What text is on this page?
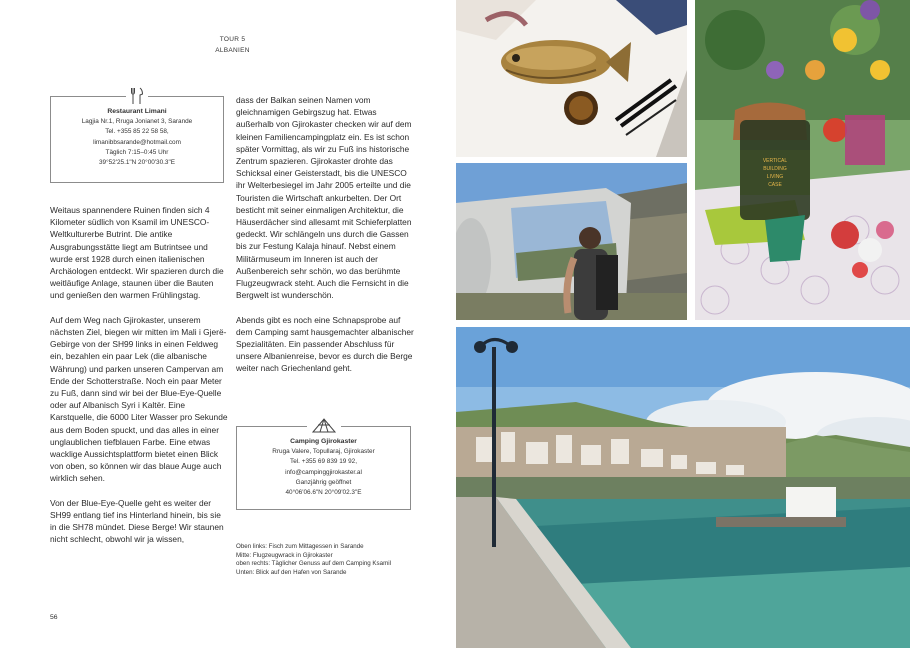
TOUR 5
ALBANIEN
Restaurant Limani
Lagjia Nr.1, Rruga Jonianet 3, Sarande
Tel. +355 85 22 58 58,
limanibbsarande@hotmail.com
Täglich 7:15–0:45 Uhr
39°52'25.1"N 20°00'30.3"E

Weitaus spannendere Ruinen finden sich 4 Kilometer südlich von Ksamil im UNESCO-Weltkulturerbe Butrint. Die antike Ausgrabungsstätte liegt am Butrintsee und wurde erst 1928 durch einen italienischen Archäologen entdeckt. Wir spazieren durch die weitläufige Anlage, staunen über die Bauten und genießen den warmen Frühlingstag.

Auf dem Weg nach Gjirokaster, unserem nächsten Ziel, biegen wir mitten im Mali i Gjerë-Gebirge von der SH99 links in einen Feldweg ein, bezahlen ein paar Lek (die albanische Währung) und parken unseren Campervan am Ende der Schotterstraße. Noch ein paar Meter zu Fuß, dann sind wir bei der Blue-Eye-Quelle oder auf Albanisch Syri i Kaltër. Eine Karstquelle, die 6000 Liter Wasser pro Sekunde aus dem Boden spuckt, und das alles in einer unglaublichen tiefblauen Farbe. Eine etwas wacklige Aussichtsplattform bietet einen Blick von oben, so können wir das blaue Auge auch wirklich sehen.

Von der Blue-Eye-Quelle geht es weiter der SH99 entlang tief ins Hinterland hinein, bis sie in die SH78 mündet. Diese Berge! Wir staunen nicht schlecht, obwohl wir ja wissen,

dass der Balkan seinen Namen vom gleichnamigen Gebirgszug hat. Etwas außerhalb von Gjirokaster checken wir auf dem kleinen Familiencampingplatz ein. Es ist schon später Vormittag, als wir zu Fuß ins historische Zentrum spazieren. Gjirokaster drohte das Schicksal einer Geisterstadt, bis die UNESCO ihr Welterbesiegel im Jahr 2005 erteilte und die Touristen die Wirtschaft ankurbelten. Der Ort besticht mit seiner einmaligen Architektur, die Häuserdächer sind allesamt mit Schieferplatten gedeckt. Wir schlängeln uns durch die Gassen bis zur Festung Kalaja hinauf. Nebst einem Militärmuseum im Inneren ist auch der Außenbereich sehr schön, wo das berühmte Flugzeugwrack steht. Auch die Fernsicht in die Bergwelt ist wunderschön.

Abends gibt es noch eine Schnapsprobe auf dem Camping samt hausgemachter albanischer Spezialitäten. Ein passender Abschluss für unsere Albanienreise, bevor es durch die Berge weiter nach Griechenland geht.

Camping Gjirokaster
Rruga Valere, Topullaraj, Gjirokaster
Tel. +355 69 839 19 92,
info@campinggjirokaster.al
Ganzjährig geöffnet
40°06'06.6"N 20°09'02.3"E
Oben links: Fisch zum Mittagessen in Sarande
Mitte: Flugzeugwrack in Gjirokaster
oben rechts: Täglicher Genuss auf dem Camping Ksamil
Unten: Blick auf den Hafen von Sarande
56
VERTICAL
BUILDING
LIVING
CASE
